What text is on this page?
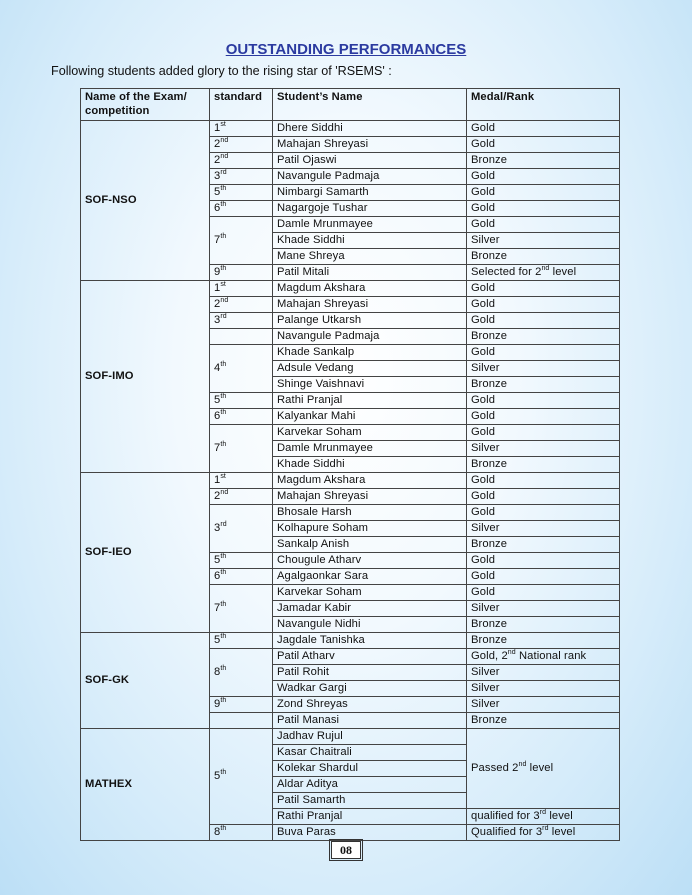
OUTSTANDING PERFORMANCES
Following students added glory to the rising star of 'RSEMS' :
Name of the Exam/ competition	standard	Student’s Name	Medal/Rank
SOF-NSO	1st	Dhere Siddhi	Gold
	2nd	Mahajan Shreyasi	Gold
	2nd	Patil Ojaswi	Bronze
	3rd	Navangule Padmaja	Gold
	5th	Nimbargi Samarth	Gold
	6th	Nagargoje Tushar	Gold
	7th	Damle Mrunmayee	Gold
		Khade Siddhi	Silver
		Mane Shreya	Bronze
	9th	Patil Mitali	Selected for 2nd level
SOF-IMO	1st	Magdum Akshara	Gold
	2nd	Mahajan Shreyasi	Gold
	3rd	Palange Utkarsh	Gold
		Navangule Padmaja	Bronze
	4th	Khade Sankalp	Gold
		Adsule Vedang	Silver
		Shinge Vaishnavi	Bronze
	5th	Rathi Pranjal	Gold
	6th	Kalyankar Mahi	Gold
	7th	Karvekar Soham	Gold
		Damle Mrunmayee	Silver
		Khade Siddhi	Bronze
SOF-IEO	1st	Magdum Akshara	Gold
	2nd	Mahajan Shreyasi	Gold
	3rd	Bhosale Harsh	Gold
		Kolhapure Soham	Silver
		Sankalp Anish	Bronze
	5th	Chougule Atharv	Gold
	6th	Agalgaonkar Sara	Gold
	7th	Karvekar Soham	Gold
		Jamadar Kabir	Silver
		Navangule Nidhi	Bronze
SOF-GK	5th	Jagdale Tanishka	Bronze
	8th	Patil Atharv	Gold, 2nd National rank
		Patil Rohit	Silver
		Wadkar Gargi	Silver
	9th	Zond Shreyas	Silver
		Patil Manasi	Bronze
MATHEX	5th	Jadhav Rujul	Passed 2nd level
		Kasar Chaitrali	
		Kolekar Shardul	
		Aldar Aditya	
		Patil Samarth	
		Rathi Pranjal	qualified for 3rd level
	8th	Buva Paras	Qualified for 3rd level
08
